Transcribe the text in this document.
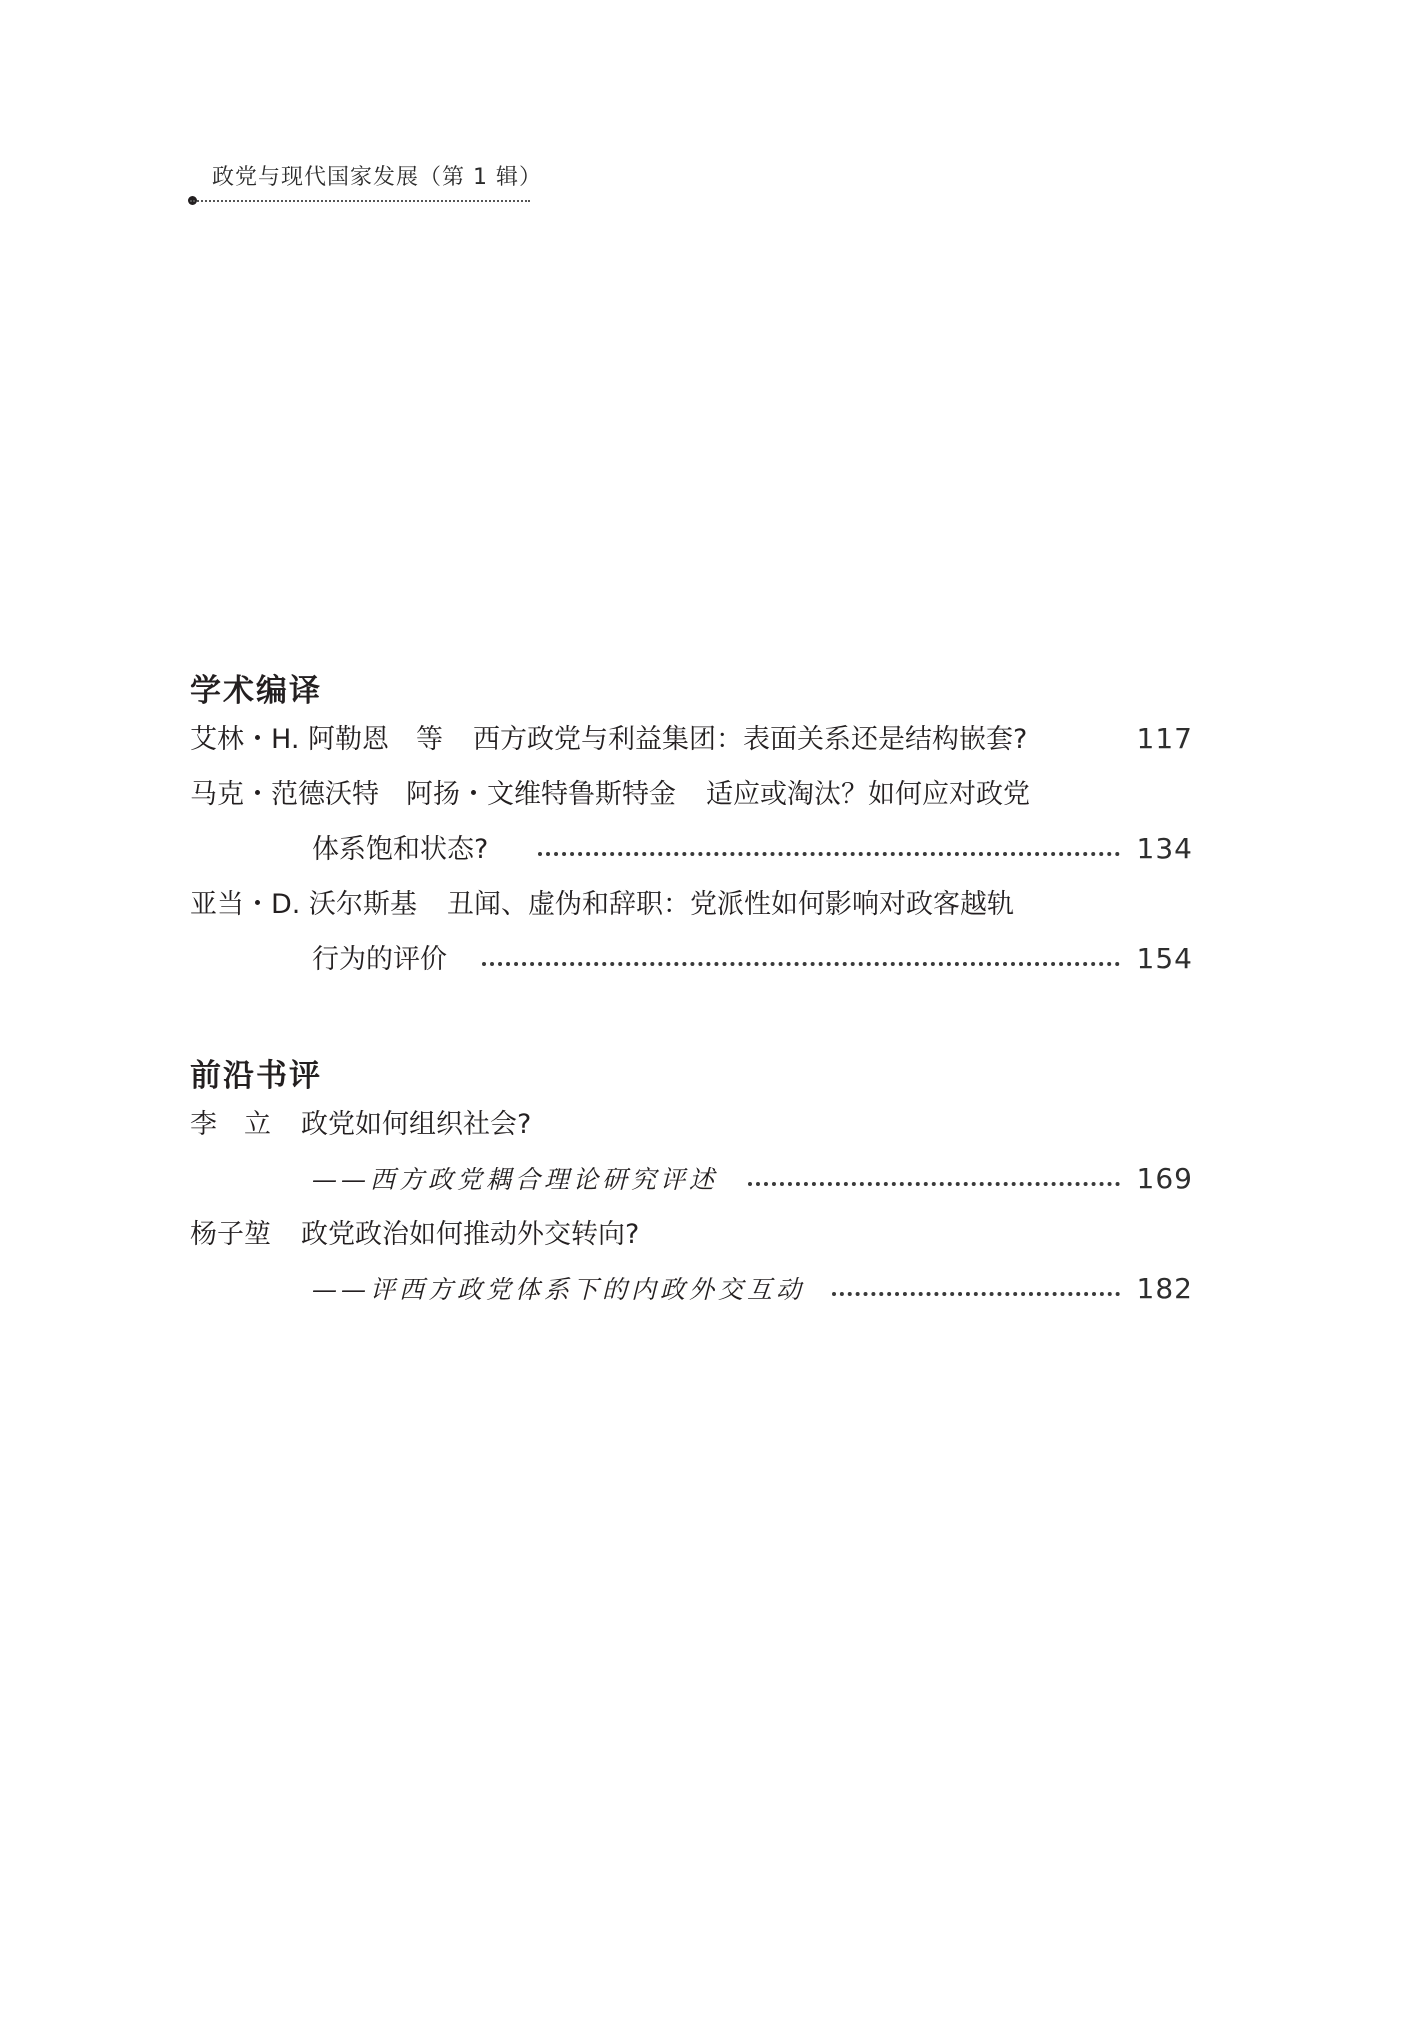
政党与现代国家发展（第 1 辑）
学术编译
艾林・H. 阿勒恩　等 西方政党与利益集团：表面关系还是结构嵌套?	117
马克・范德沃特　阿扬・文维特鲁斯特金 适应或淘汰？如何应对政党
体系饱和状态?	134
亚当・D. 沃尔斯基 丑闻、虚伪和辞职：党派性如何影响对政客越轨
行为的评价	154
前沿书评
李　立 政党如何组织社会?
——西方政党耦合理论研究评述	169
杨子堃 政党政治如何推动外交转向?
——评西方政党体系下的内政外交互动	182
